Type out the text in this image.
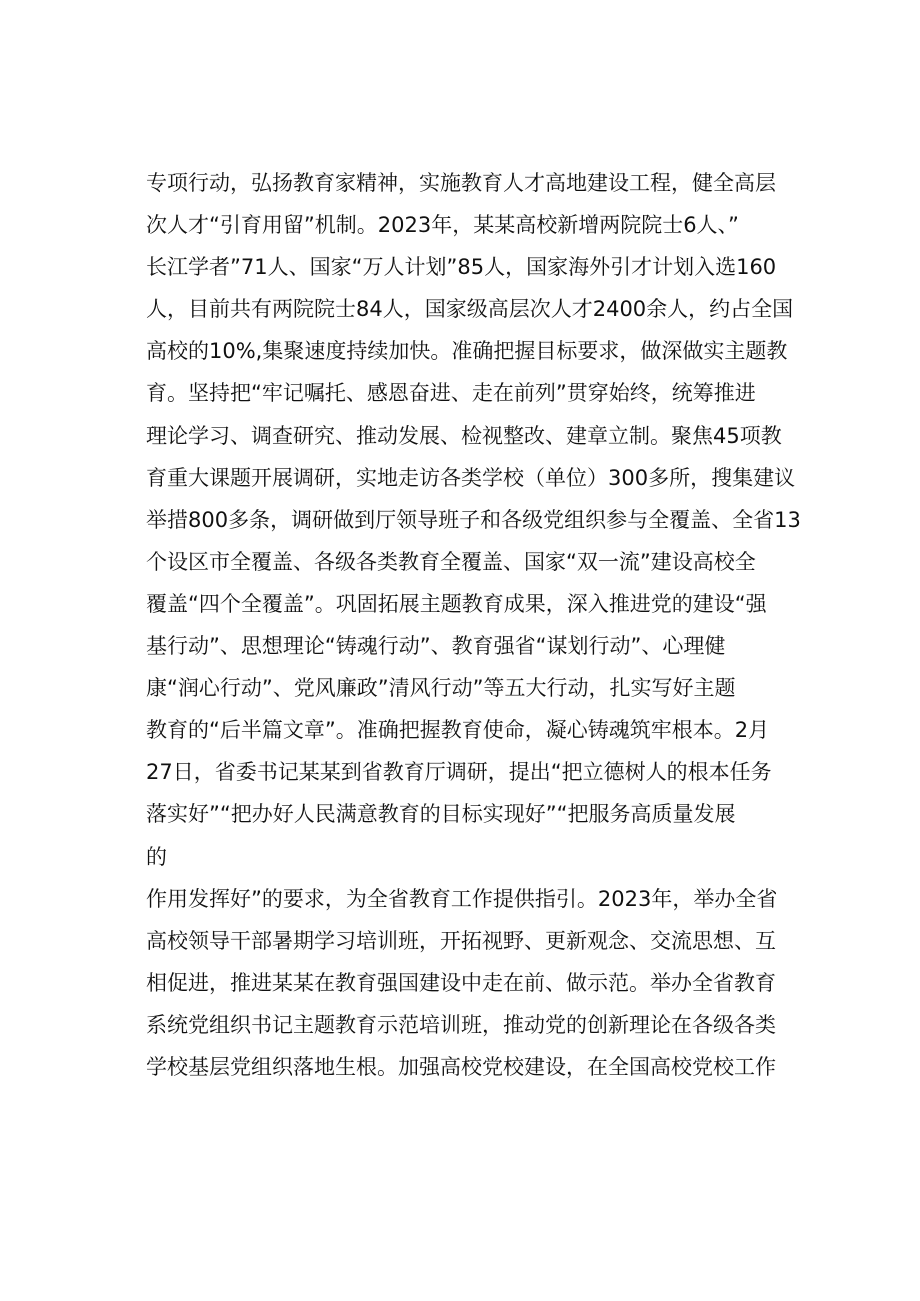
专项行动，弘扬教育家精神，实施教育人才高地建设工程，健全高层
次人才“引育用留”机制。2023年，某某高校新增两院院士6人、”
长江学者”71人、国家“万人计划”85人，国家海外引才计划入选160
人，目前共有两院院士84人，国家级高层次人才2400余人，约占全国
高校的10%,集聚速度持续加快。准确把握目标要求，做深做实主题教
育。坚持把“牢记嘱托、感恩奋进、走在前列”贯穿始终，统筹推进
理论学习、调查研究、推动发展、检视整改、建章立制。聚焦45项教
育重大课题开展调研，实地走访各类学校（单位）300多所，搜集建议
举措800多条，调研做到厅领导班子和各级党组织参与全覆盖、全省13
个设区市全覆盖、各级各类教育全覆盖、国家“双一流”建设高校全
覆盖“四个全覆盖”。巩固拓展主题教育成果，深入推进党的建设“强
基行动”、思想理论“铸魂行动”、教育强省“谋划行动”、心理健
康“润心行动”、党风廉政”清风行动”等五大行动，扎实写好主题
教育的“后半篇文章”。准确把握教育使命，凝心铸魂筑牢根本。2月
27日，省委书记某某到省教育厅调研，提出“把立德树人的根本任务
落实好”“把办好人民满意教育的目标实现好”“把服务高质量发展
的
作用发挥好”的要求，为全省教育工作提供指引。2023年，举办全省
高校领导干部暑期学习培训班，开拓视野、更新观念、交流思想、互
相促进，推进某某在教育强国建设中走在前、做示范。举办全省教育
系统党组织书记主题教育示范培训班，推动党的创新理论在各级各类
学校基层党组织落地生根。加强高校党校建设，在全国高校党校工作
